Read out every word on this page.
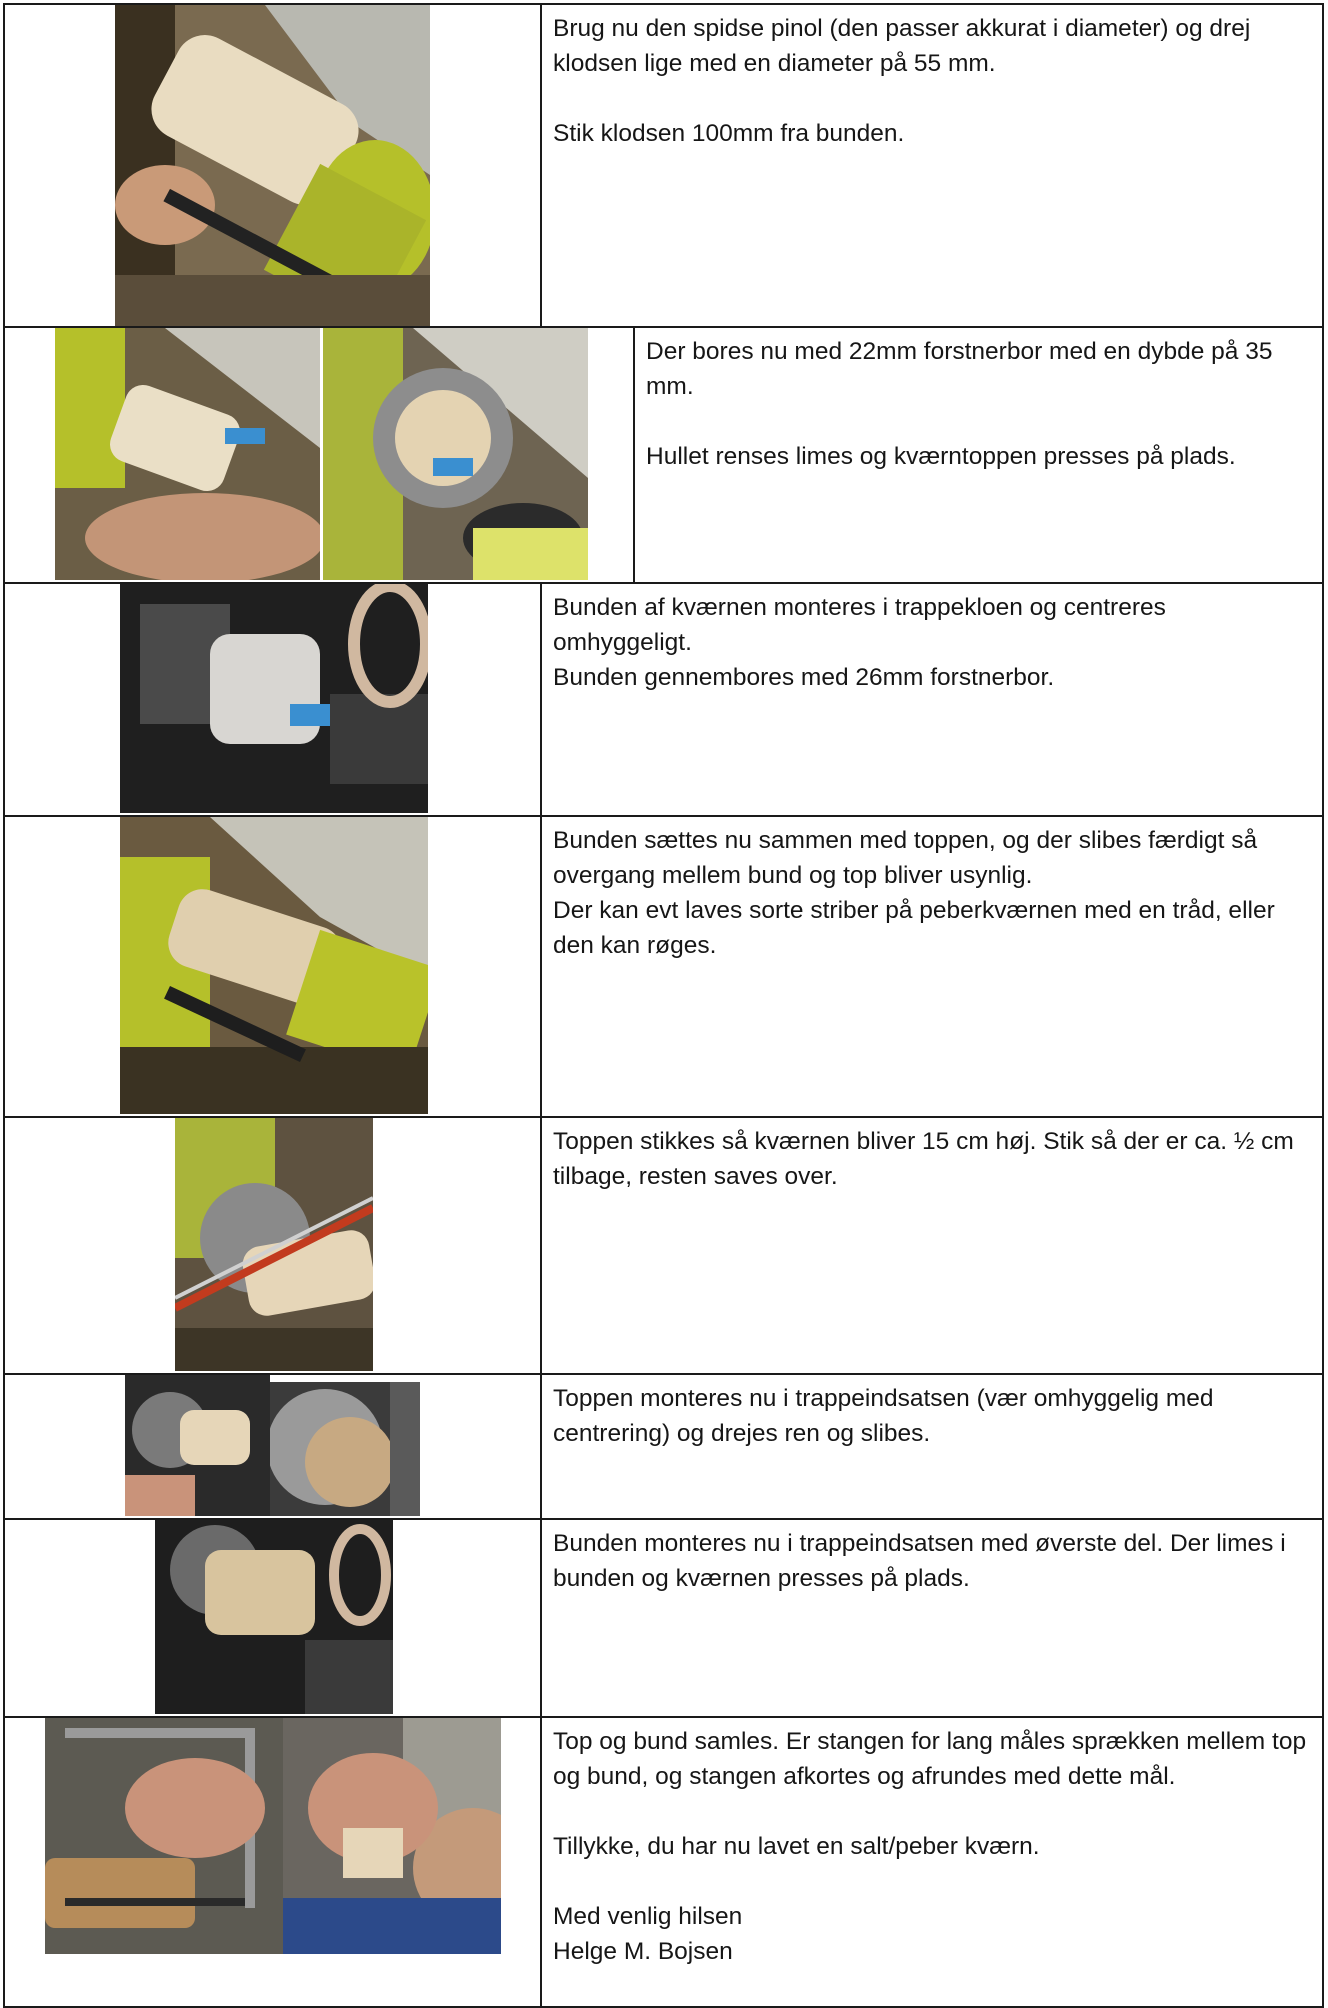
Brug nu den spidse pinol (den passer akkurat i diameter) og drej klodsen lige med en diameter på 55 mm.

Stik klodsen 100mm fra bunden.

Der bores nu med 22mm forstnerbor med en dybde på 35 mm.

Hullet renses limes og kværntoppen presses på plads.

Bunden af kværnen monteres i trappekloen og centreres omhyggeligt.

Bunden gennembores med 26mm forstnerbor.

Bunden sættes nu sammen med toppen, og der slibes færdigt så overgang mellem bund og top bliver usynlig.

Der kan evt laves sorte striber på peberkværnen med en tråd, eller den kan røges.

Toppen stikkes så kværnen bliver 15 cm høj. Stik så der er ca. ½ cm tilbage, resten saves over.

Toppen monteres nu i trappeindsatsen (vær omhyggelig med centrering) og drejes ren og slibes.

Bunden monteres nu i trappeindsatsen med øverste del. Der limes i bunden og kværnen presses på plads.

Top og bund samles. Er stangen for lang måles sprækken mellem top og bund, og stangen afkortes og afrundes med dette mål.

Tillykke, du har nu lavet en salt/peber kværn.

Med venlig hilsen

Helge M. Bojsen
